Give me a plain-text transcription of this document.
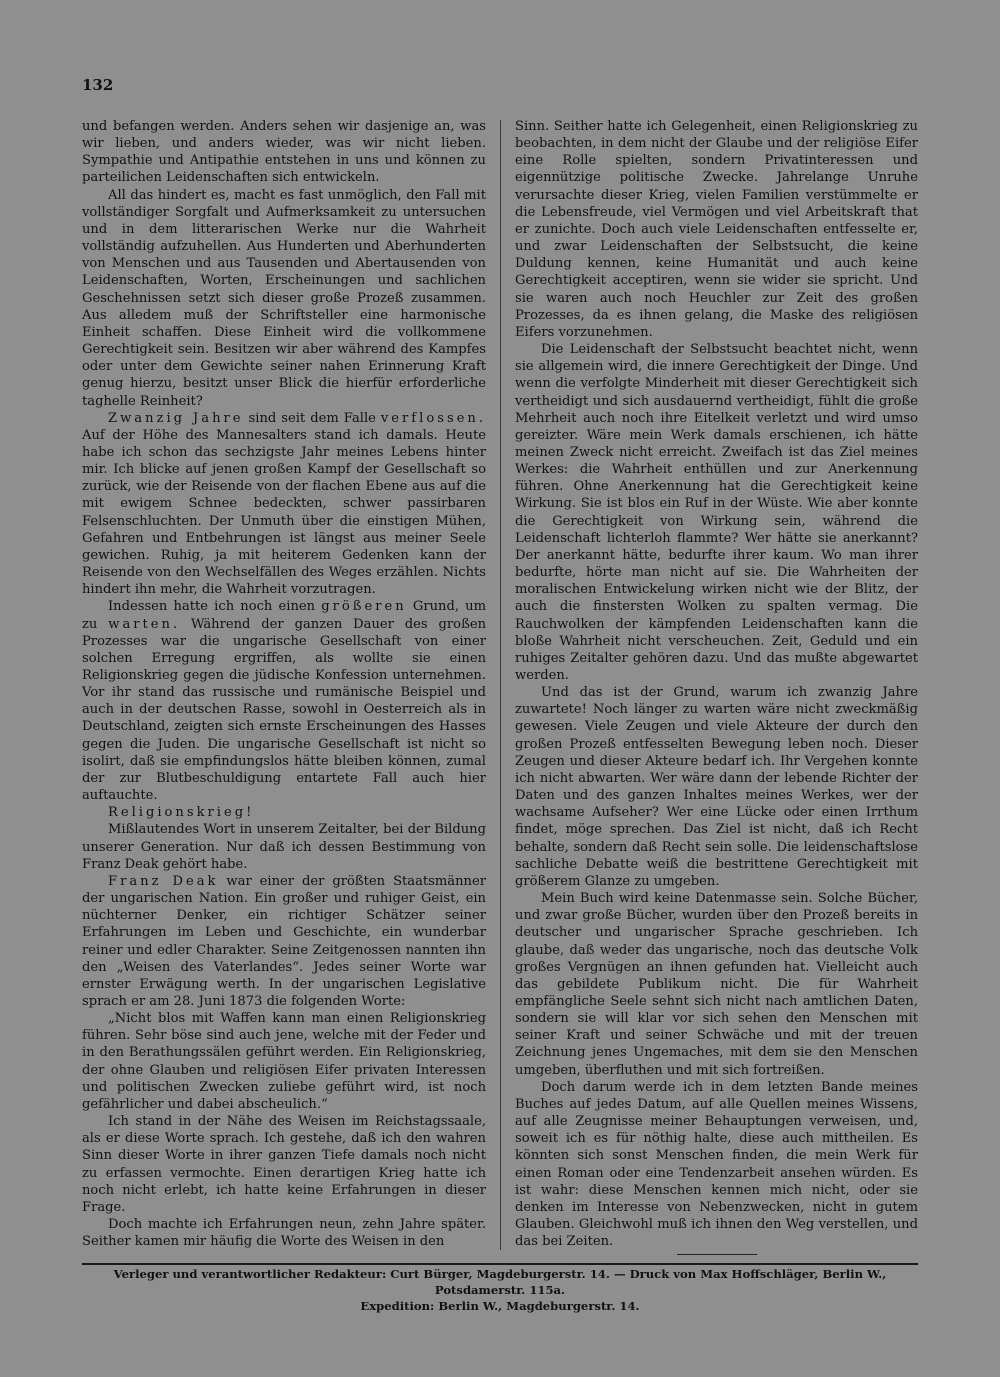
132

und befangen werden. Anders sehen wir dasjenige an, was wir lieben, und anders wieder, was wir nicht lieben. Sympathie und Antipathie entstehen in uns und können zu parteilichen Leidenschaften sich entwickeln.

All das hindert es, macht es fast unmöglich, den Fall mit vollständiger Sorgfalt und Aufmerksamkeit zu untersuchen und in dem litterarischen Werke nur die Wahrheit vollständig aufzuhellen. Aus Hunderten und Aberhunderten von Menschen und aus Tausenden und Abertausenden von Leidenschaften, Worten, Erscheinungen und sachlichen Geschehnissen setzt sich dieser große Prozeß zusammen. Aus alledem muß der Schriftsteller eine harmonische Einheit schaffen. Diese Einheit wird die vollkommene Gerechtigkeit sein. Besitzen wir aber während des Kampfes oder unter dem Gewichte seiner nahen Erinnerung Kraft genug hierzu, besitzt unser Blick die hierfür erforderliche taghelle Reinheit?

Zwanzig Jahre sind seit dem Falle verflossen. Auf der Höhe des Mannesalters stand ich damals. Heute habe ich schon das sechzigste Jahr meines Lebens hinter mir. Ich blicke auf jenen großen Kampf der Gesellschaft so zurück, wie der Reisende von der flachen Ebene aus auf die mit ewigem Schnee bedeckten, schwer passirbaren Felsenschluchten. Der Unmuth über die einstigen Mühen, Gefahren und Entbehrungen ist längst aus meiner Seele gewichen. Ruhig, ja mit heiterem Gedenken kann der Reisende von den Wechselfällen des Weges erzählen. Nichts hindert ihn mehr, die Wahrheit vorzutragen.

Indessen hatte ich noch einen größeren Grund, um zu warten. Während der ganzen Dauer des großen Prozesses war die ungarische Gesellschaft von einer solchen Erregung ergriffen, als wollte sie einen Religionskrieg gegen die jüdische Konfession unternehmen. Vor ihr stand das russische und rumänische Beispiel und auch in der deutschen Rasse, sowohl in Oesterreich als in Deutschland, zeigten sich ernste Erscheinungen des Hasses gegen die Juden. Die ungarische Gesellschaft ist nicht so isolirt, daß sie empfindungslos hätte bleiben können, zumal der zur Blutbeschuldigung entartete Fall auch hier auftauchte.

Religionskrieg!

Mißlautendes Wort in unserem Zeitalter, bei der Bildung unserer Generation. Nur daß ich dessen Bestimmung von Franz Deak gehört habe.

Franz Deak war einer der größten Staatsmänner der ungarischen Nation. Ein großer und ruhiger Geist, ein nüchterner Denker, ein richtiger Schätzer seiner Erfahrungen im Leben und Geschichte, ein wunderbar reiner und edler Charakter. Seine Zeitgenossen nannten ihn den „Weisen des Vaterlandes“. Jedes seiner Worte war ernster Erwägung werth. In der ungarischen Legislative sprach er am 28. Juni 1873 die folgenden Worte:

„Nicht blos mit Waffen kann man einen Religionskrieg führen. Sehr böse sind auch jene, welche mit der Feder und in den Berathungssälen geführt werden. Ein Religionskrieg, der ohne Glauben und religiösen Eifer privaten Interessen und politischen Zwecken zuliebe geführt wird, ist noch gefährlicher und dabei abscheulich.“

Ich stand in der Nähe des Weisen im Reichstagssaale, als er diese Worte sprach. Ich gestehe, daß ich den wahren Sinn dieser Worte in ihrer ganzen Tiefe damals noch nicht zu erfassen vermochte. Einen derartigen Krieg hatte ich noch nicht erlebt, ich hatte keine Erfahrungen in dieser Frage.

Doch machte ich Erfahrungen neun, zehn Jahre später. Seither kamen mir häufig die Worte des Weisen in den

Sinn. Seither hatte ich Gelegenheit, einen Religionskrieg zu beobachten, in dem nicht der Glaube und der religiöse Eifer eine Rolle spielten, sondern Privatinteressen und eigennützige politische Zwecke. Jahrelange Unruhe verursachte dieser Krieg, vielen Familien verstümmelte er die Lebensfreude, viel Vermögen und viel Arbeitskraft that er zunichte. Doch auch viele Leidenschaften entfesselte er, und zwar Leidenschaften der Selbstsucht, die keine Duldung kennen, keine Humanität und auch keine Gerechtigkeit acceptiren, wenn sie wider sie spricht. Und sie waren auch noch Heuchler zur Zeit des großen Prozesses, da es ihnen gelang, die Maske des religiösen Eifers vorzunehmen.

Die Leidenschaft der Selbstsucht beachtet nicht, wenn sie allgemein wird, die innere Gerechtigkeit der Dinge. Und wenn die verfolgte Minderheit mit dieser Gerechtigkeit sich vertheidigt und sich ausdauernd vertheidigt, fühlt die große Mehrheit auch noch ihre Eitelkeit verletzt und wird umso gereizter. Wäre mein Werk damals erschienen, ich hätte meinen Zweck nicht erreicht. Zweifach ist das Ziel meines Werkes: die Wahrheit enthüllen und zur Anerkennung führen. Ohne Anerkennung hat die Gerechtigkeit keine Wirkung. Sie ist blos ein Ruf in der Wüste. Wie aber konnte die Gerechtigkeit von Wirkung sein, während die Leidenschaft lichterloh flammte? Wer hätte sie anerkannt? Der anerkannt hätte, bedurfte ihrer kaum. Wo man ihrer bedurfte, hörte man nicht auf sie. Die Wahrheiten der moralischen Entwickelung wirken nicht wie der Blitz, der auch die finstersten Wolken zu spalten vermag. Die Rauchwolken der kämpfenden Leidenschaften kann die bloße Wahrheit nicht verscheuchen. Zeit, Geduld und ein ruhiges Zeitalter gehören dazu. Und das mußte abgewartet werden.

Und das ist der Grund, warum ich zwanzig Jahre zuwartete! Noch länger zu warten wäre nicht zweckmäßig gewesen. Viele Zeugen und viele Akteure der durch den großen Prozeß entfesselten Bewegung leben noch. Dieser Zeugen und dieser Akteure bedarf ich. Ihr Vergehen konnte ich nicht abwarten. Wer wäre dann der lebende Richter der Daten und des ganzen Inhaltes meines Werkes, wer der wachsame Aufseher? Wer eine Lücke oder einen Irrthum findet, möge sprechen. Das Ziel ist nicht, daß ich Recht behalte, sondern daß Recht sein solle. Die leidenschaftslose sachliche Debatte weiß die bestrittene Gerechtigkeit mit größerem Glanze zu umgeben.

Mein Buch wird keine Datenmasse sein. Solche Bücher, und zwar große Bücher, wurden über den Prozeß bereits in deutscher und ungarischer Sprache geschrieben. Ich glaube, daß weder das ungarische, noch das deutsche Volk großes Vergnügen an ihnen gefunden hat. Vielleicht auch das gebildete Publikum nicht. Die für Wahrheit empfängliche Seele sehnt sich nicht nach amtlichen Daten, sondern sie will klar vor sich sehen den Menschen mit seiner Kraft und seiner Schwäche und mit der treuen Zeichnung jenes Ungemaches, mit dem sie den Menschen umgeben, überfluthen und mit sich fortreißen.

Doch darum werde ich in dem letzten Bande meines Buches auf jedes Datum, auf alle Quellen meines Wissens, auf alle Zeugnisse meiner Behauptungen verweisen, und, soweit ich es für nöthig halte, diese auch mittheilen. Es könnten sich sonst Menschen finden, die mein Werk für einen Roman oder eine Tendenzarbeit ansehen würden. Es ist wahr: diese Menschen kennen mich nicht, oder sie denken im Interesse von Nebenzwecken, nicht in gutem Glauben. Gleichwohl muß ich ihnen den Weg verstellen, und das bei Zeiten.

Verleger und verantwortlicher Redakteur: Curt Bürger, Magdeburgerstr. 14. — Druck von Max Hoffschläger, Berlin W., Potsdamerstr. 115a.
Expedition: Berlin W., Magdeburgerstr. 14.
